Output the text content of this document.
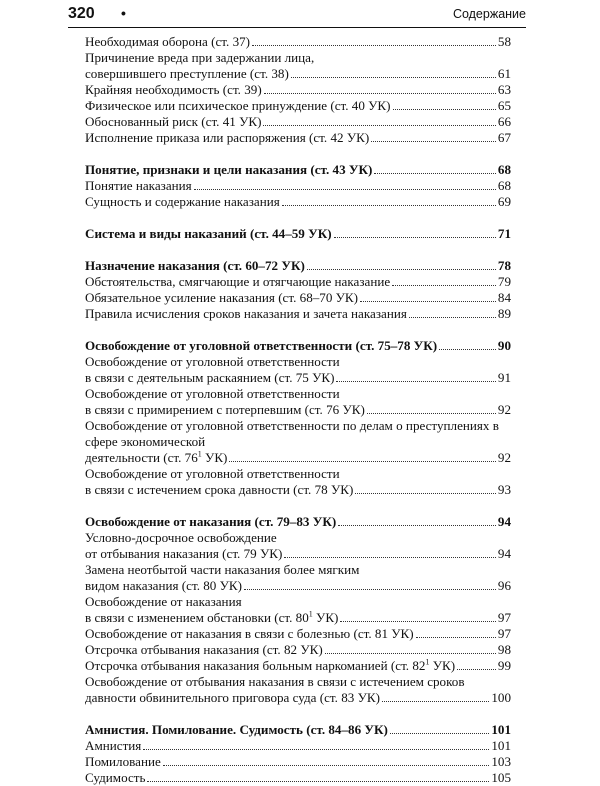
320 •	Содержание
Необходимая оборона (ст. 37)	58
Причинение вреда при задержании лица,
совершившего преступление (ст. 38)	61
Крайняя необходимость (ст. 39)	63
Физическое или психическое принуждение (ст. 40 УК)	65
Обоснованный риск (ст. 41 УК)	66
Исполнение приказа или распоряжения (ст. 42 УК)	67
Понятие, признаки и цели наказания (ст. 43 УК)	68
Понятие наказания	68
Сущность и содержание наказания	69
Система и виды наказаний (ст. 44–59 УК)	71
Назначение наказания (ст. 60–72 УК)	78
Обстоятельства, смягчающие и отягчающие наказание	79
Обязательное усиление наказания (ст. 68–70 УК)	84
Правила исчисления сроков наказания и зачета наказания	89
Освобождение от уголовной ответственности (ст. 75–78 УК)	90
Освобождение от уголовной ответственности
в связи с деятельным раскаянием (ст. 75 УК)	91
Освобождение от уголовной ответственности
в связи с примирением с потерпевшим (ст. 76 УК)	92
Освобождение от уголовной ответственности по делам о преступлениях в сфере экономической
деятельности (ст. $76^1$ УК)	92
Освобождение от уголовной ответственности
в связи с истечением срока давности (ст. 78 УК)	93
Освобождение от наказания (ст. 79–83 УК)	94
Условно-досрочное освобождение
от отбывания наказания (ст. 79 УК)	94
Замена неотбытой части наказания более мягким
видом наказания (ст. 80 УК)	96
Освобождение от наказания
в связи с изменением обстановки (ст. $80^1$ УК)	97
Освобождение от наказания в связи с болезнью (ст. 81 УК)	97
Отсрочка отбывания наказания (ст. 82 УК)	98
Отсрочка отбывания наказания больным наркоманией (ст. $82^1$ УК)	99
Освобождение от отбывания наказания в связи с истечением сроков
давности обвинительного приговора суда (ст. 83 УК)	100
Амнистия. Помилование. Судимость (ст. 84–86 УК)	101
Амнистия	101
Помилование	103
Судимость	105
